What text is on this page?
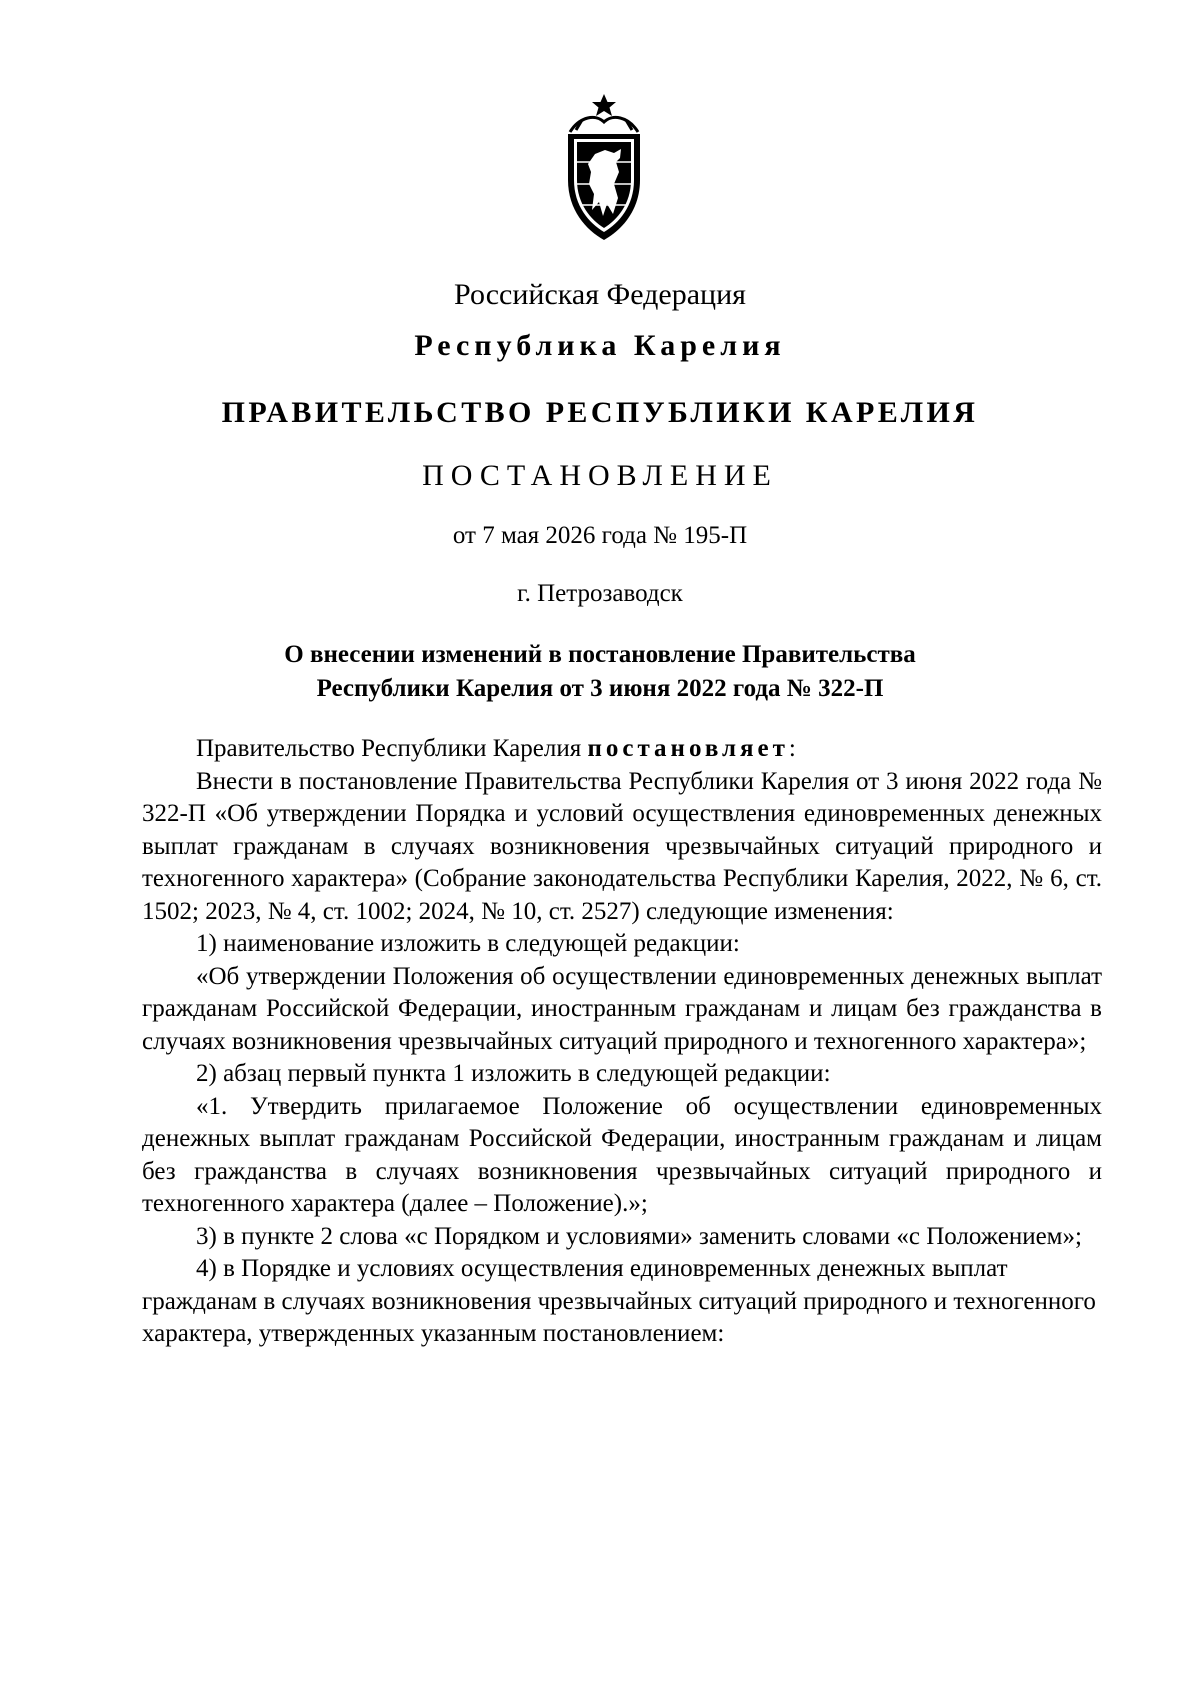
Российская Федерация
Республика Карелия
ПРАВИТЕЛЬСТВО РЕСПУБЛИКИ КАРЕЛИЯ
ПОСТАНОВЛЕНИЕ
от 7 мая 2026 года № 195-П
г. Петрозаводск
О внесении изменений в постановление Правительства
Республики Карелия от 3 июня 2022 года № 322-П

Правительство Республики Карелия постановляет:

Внести в постановление Правительства Республики Карелия от 3 июня 2022 года № 322-П «Об утверждении Порядка и условий осуществления единовременных денежных выплат гражданам в случаях возникновения чрезвычайных ситуаций природного и техногенного характера» (Собрание законодательства Республики Карелия, 2022, № 6, ст. 1502; 2023, № 4, ст. 1002; 2024, № 10, ст. 2527) следующие изменения:

1) наименование изложить в следующей редакции:

«Об утверждении Положения об осуществлении единовременных денежных выплат гражданам Российской Федерации, иностранным гражданам и лицам без гражданства в случаях возникновения чрезвычайных ситуаций природного и техногенного характера»;

2) абзац первый пункта 1 изложить в следующей редакции:

«1. Утвердить прилагаемое Положение об осуществлении единовременных денежных выплат гражданам Российской Федерации, иностранным гражданам и лицам без гражданства в случаях возникновения чрезвычайных ситуаций природного и техногенного характера (далее – Положение).»;

3) в пункте 2 слова «с Порядком и условиями» заменить словами «с Положением»;

4) в Порядке и условиях осуществления единовременных денежных выплат гражданам в случаях возникновения чрезвычайных ситуаций природного и техногенного характера, утвержденных указанным постановлением:
